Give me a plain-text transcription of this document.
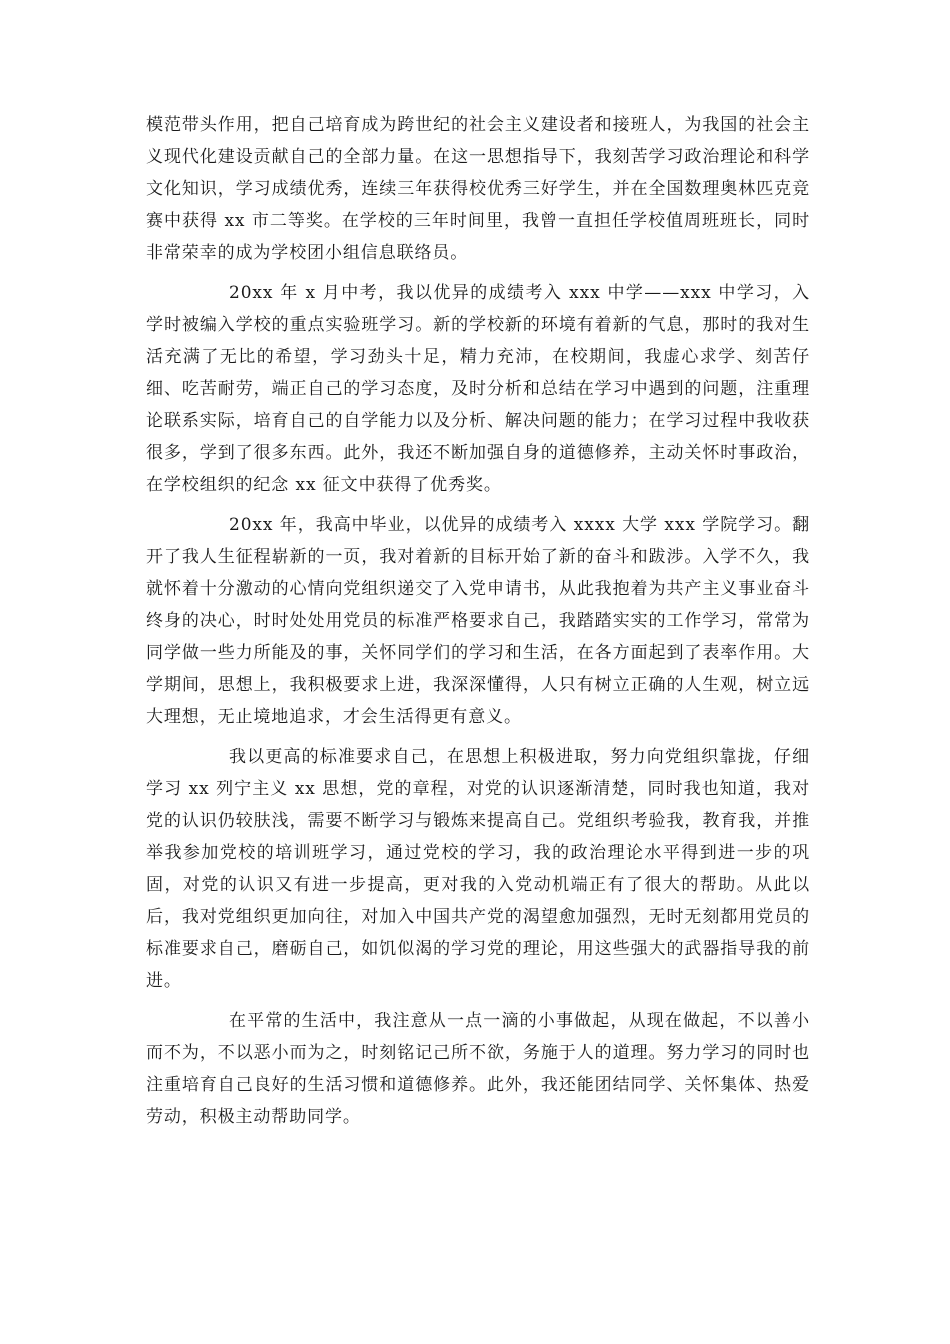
模范带头作用，把自己培育成为跨世纪的社会主义建设者和接班人，为我国的社会主义现代化建设贡献自己的全部力量。在这一思想指导下，我刻苦学习政治理论和科学文化知识，学习成绩优秀，连续三年获得校优秀三好学生，并在全国数理奥林匹克竞赛中获得 xx 市二等奖。在学校的三年时间里，我曾一直担任学校值周班班长，同时非常荣幸的成为学校团小组信息联络员。

20xx 年 x 月中考，我以优异的成绩考入 xxx 中学——xxx 中学习，入学时被编入学校的重点实验班学习。新的学校新的环境有着新的气息，那时的我对生活充满了无比的希望，学习劲头十足，精力充沛，在校期间，我虚心求学、刻苦仔细、吃苦耐劳，端正自己的学习态度，及时分析和总结在学习中遇到的问题，注重理论联系实际，培育自己的自学能力以及分析、解决问题的能力；在学习过程中我收获很多，学到了很多东西。此外，我还不断加强自身的道德修养，主动关怀时事政治，在学校组织的纪念 xx 征文中获得了优秀奖。

20xx 年，我高中毕业，以优异的成绩考入 xxxx 大学 xxx 学院学习。翻开了我人生征程崭新的一页，我对着新的目标开始了新的奋斗和跋涉。入学不久，我就怀着十分激动的心情向党组织递交了入党申请书，从此我抱着为共产主义事业奋斗终身的决心，时时处处用党员的标准严格要求自己，我踏踏实实的工作学习，常常为同学做一些力所能及的事，关怀同学们的学习和生活，在各方面起到了表率作用。大学期间，思想上，我积极要求上进，我深深懂得，人只有树立正确的人生观，树立远大理想，无止境地追求，才会生活得更有意义。

我以更高的标准要求自己，在思想上积极进取，努力向党组织靠拢，仔细学习 xx 列宁主义 xx 思想，党的章程，对党的认识逐渐清楚，同时我也知道，我对党的认识仍较肤浅，需要不断学习与锻炼来提高自己。党组织考验我，教育我，并推举我参加党校的培训班学习，通过党校的学习，我的政治理论水平得到进一步的巩固，对党的认识又有进一步提高，更对我的入党动机端正有了很大的帮助。从此以后，我对党组织更加向往，对加入中国共产党的渴望愈加强烈，无时无刻都用党员的标准要求自己，磨砺自己，如饥似渴的学习党的理论，用这些强大的武器指导我的前进。

在平常的生活中，我注意从一点一滴的小事做起，从现在做起，不以善小而不为，不以恶小而为之，时刻铭记己所不欲，务施于人的道理。努力学习的同时也注重培育自己良好的生活习惯和道德修养。此外，我还能团结同学、关怀集体、热爱劳动，积极主动帮助同学。
